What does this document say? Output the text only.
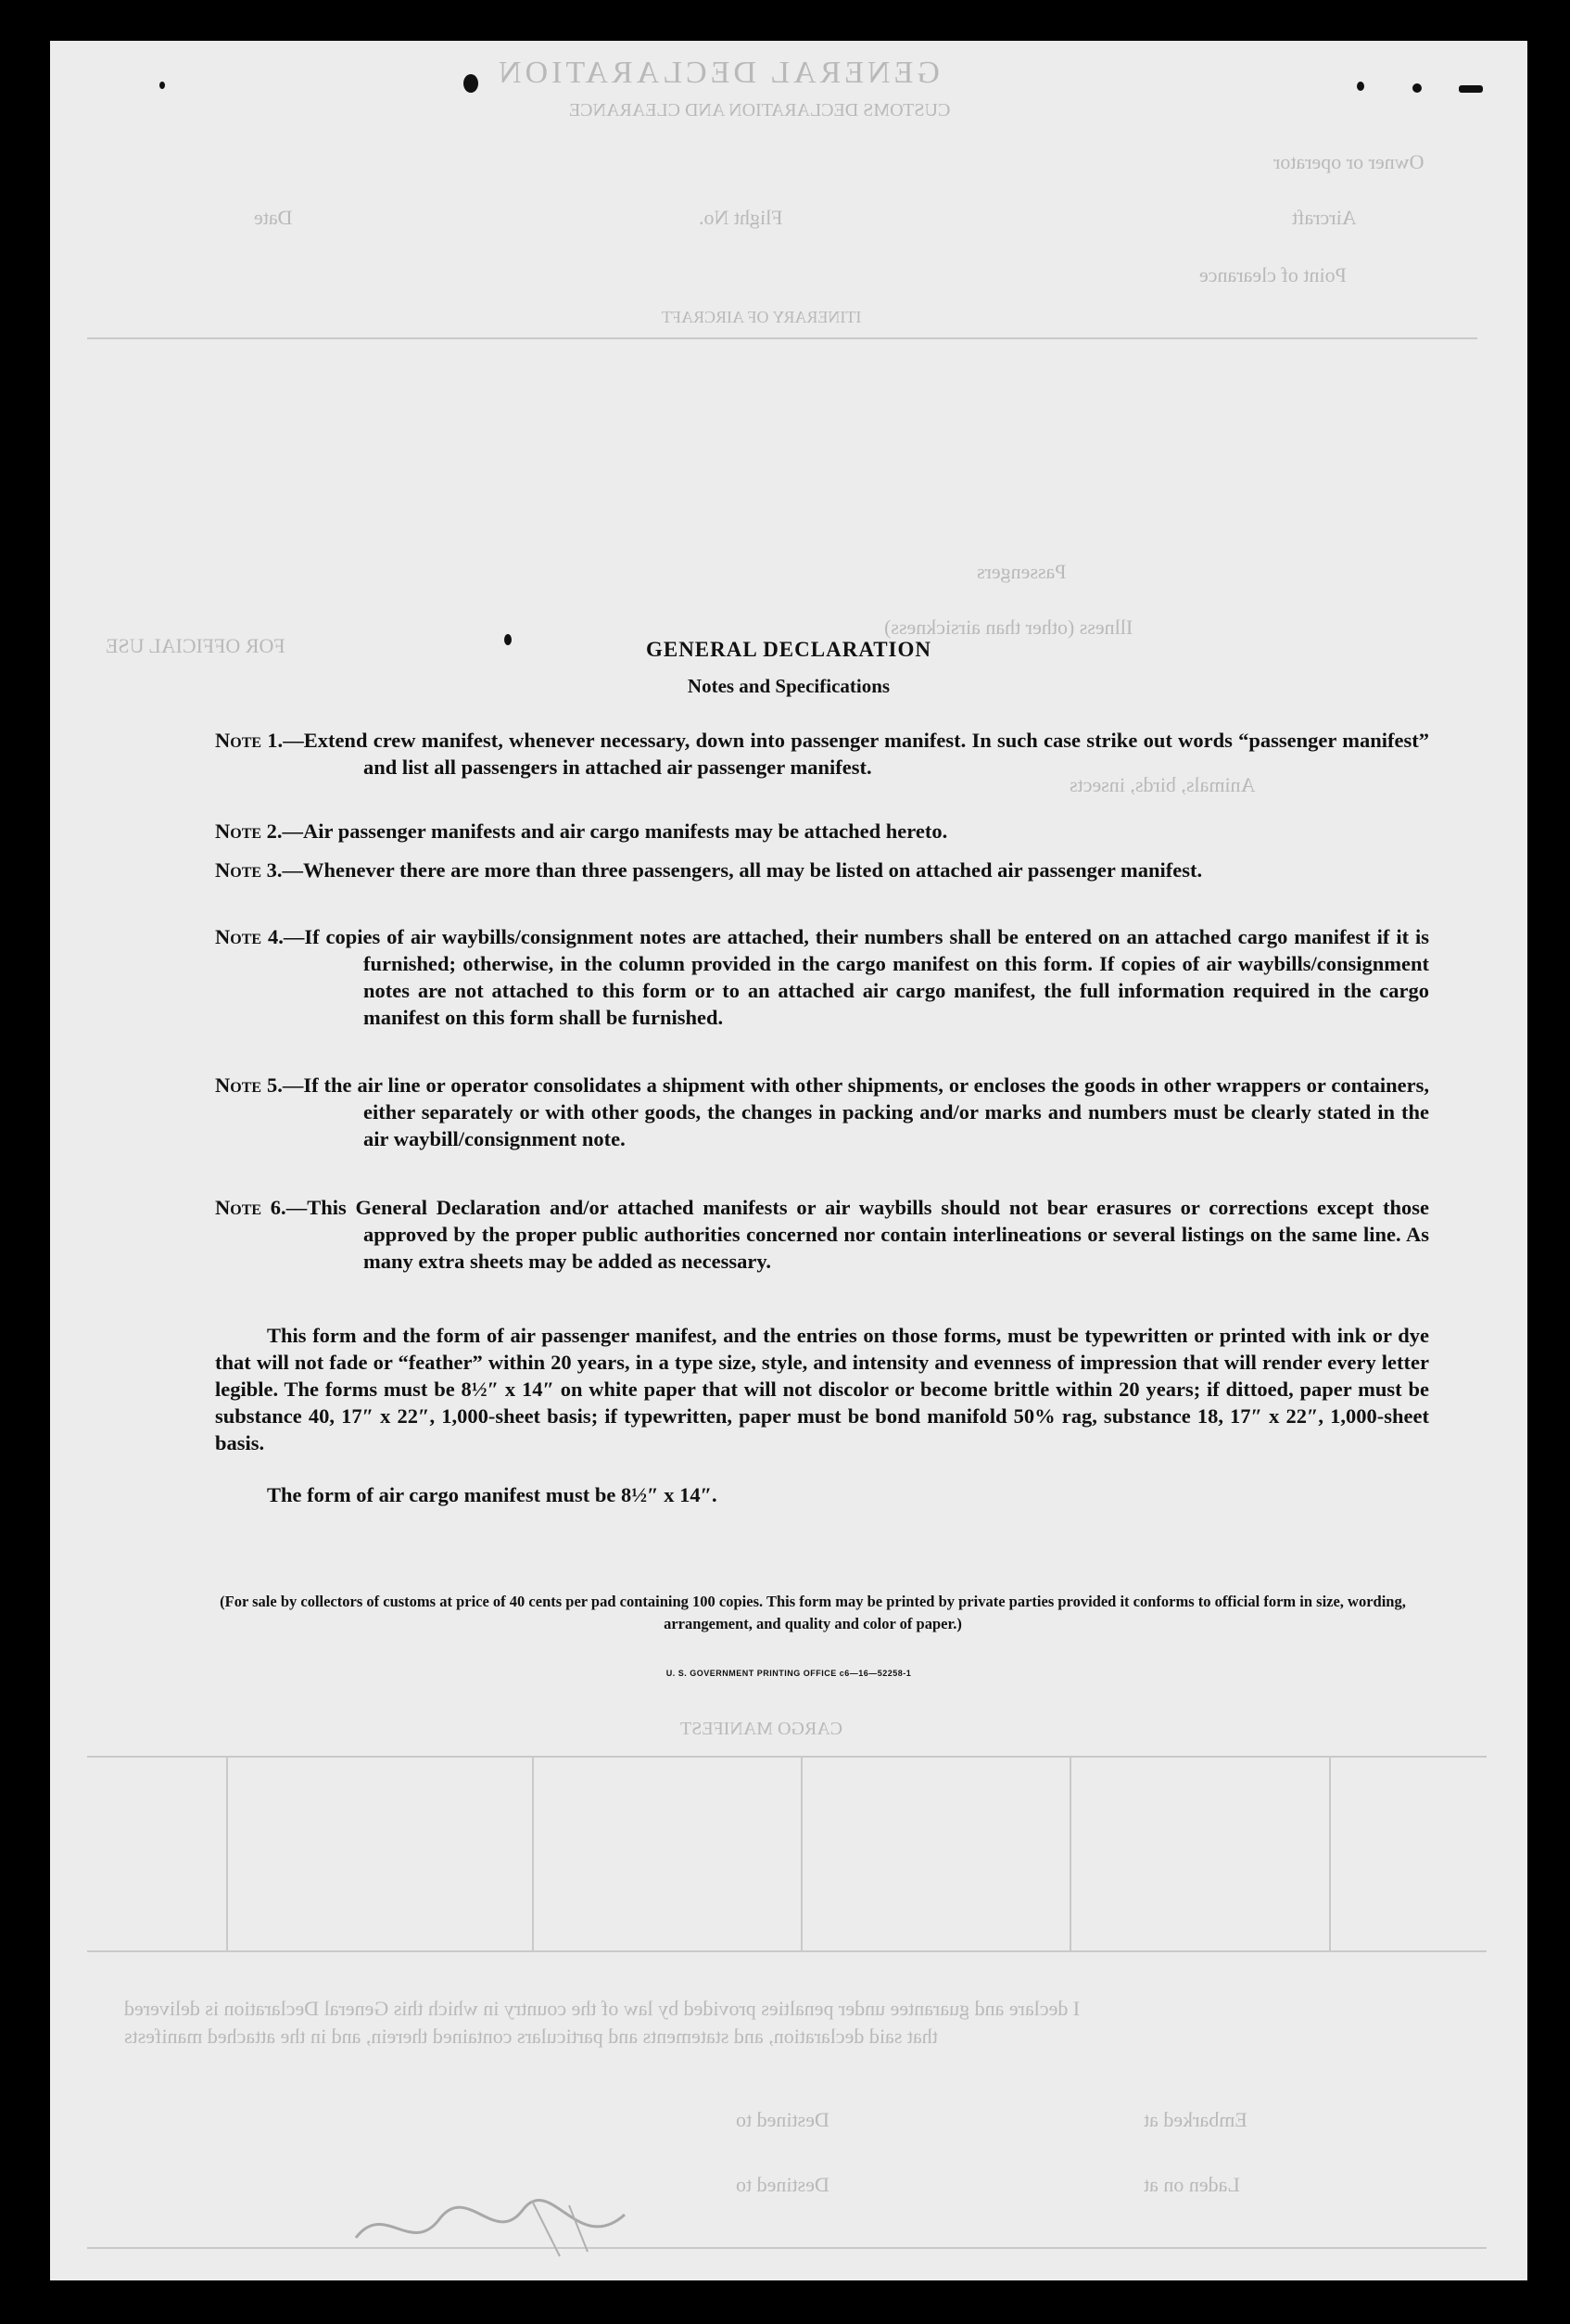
GENERAL DECLARATION
CUSTOMS DECLARATION AND CLEARANCE
Owner or operator
Aircraft
Flight No.
Date
Point of clearance
ITINERARY OF AIRCRAFT
Passengers
Illness (other than airsickness)
FOR OFFICIAL USE
Animals, birds, insects
CARGO MANIFEST
I declare and guarantee under penalties provided by law of the country in which this General Declaration is delivered
that said declaration, and statements and particulars contained therein, and in the attached manifests
Embarked at
Destined to
Laden on at
Destined to
GENERAL DECLARATION
Notes and Specifications
Note 1.—Extend crew manifest, whenever necessary, down into passenger manifest. In such case strike out words “passenger manifest” and list all passengers in attached air passenger manifest.
Note 2.—Air passenger manifests and air cargo manifests may be attached hereto.
Note 3.—Whenever there are more than three passengers, all may be listed on attached air passenger manifest.
Note 4.—If copies of air waybills/consignment notes are attached, their numbers shall be entered on an attached cargo manifest if it is furnished; otherwise, in the column provided in the cargo manifest on this form. If copies of air waybills/consignment notes are not attached to this form or to an attached air cargo manifest, the full information required in the cargo manifest on this form shall be furnished.
Note 5.—If the air line or operator consolidates a shipment with other shipments, or encloses the goods in other wrappers or containers, either separately or with other goods, the changes in packing and/or marks and numbers must be clearly stated in the air waybill/consignment note.
Note 6.—This General Declaration and/or attached manifests or air waybills should not bear erasures or corrections except those approved by the proper public authorities concerned nor contain interlineations or several listings on the same line. As many extra sheets may be added as necessary.
This form and the form of air passenger manifest, and the entries on those forms, must be typewritten or printed with ink or dye that will not fade or “feather” within 20 years, in a type size, style, and intensity and evenness of impression that will render every letter legible. The forms must be 8½″ x 14″ on white paper that will not discolor or become brittle within 20 years; if dittoed, paper must be substance 40, 17″ x 22″, 1,000-sheet basis; if typewritten, paper must be bond manifold 50% rag, substance 18, 17″ x 22″, 1,000-sheet basis.
The form of air cargo manifest must be 8½″ x 14″.
(For sale by collectors of customs at price of 40 cents per pad containing 100 copies. This form may be printed by private parties provided it conforms to official form in size, wording, arrangement, and quality and color of paper.)
U. S. GOVERNMENT PRINTING OFFICE c6—16—52258-1
